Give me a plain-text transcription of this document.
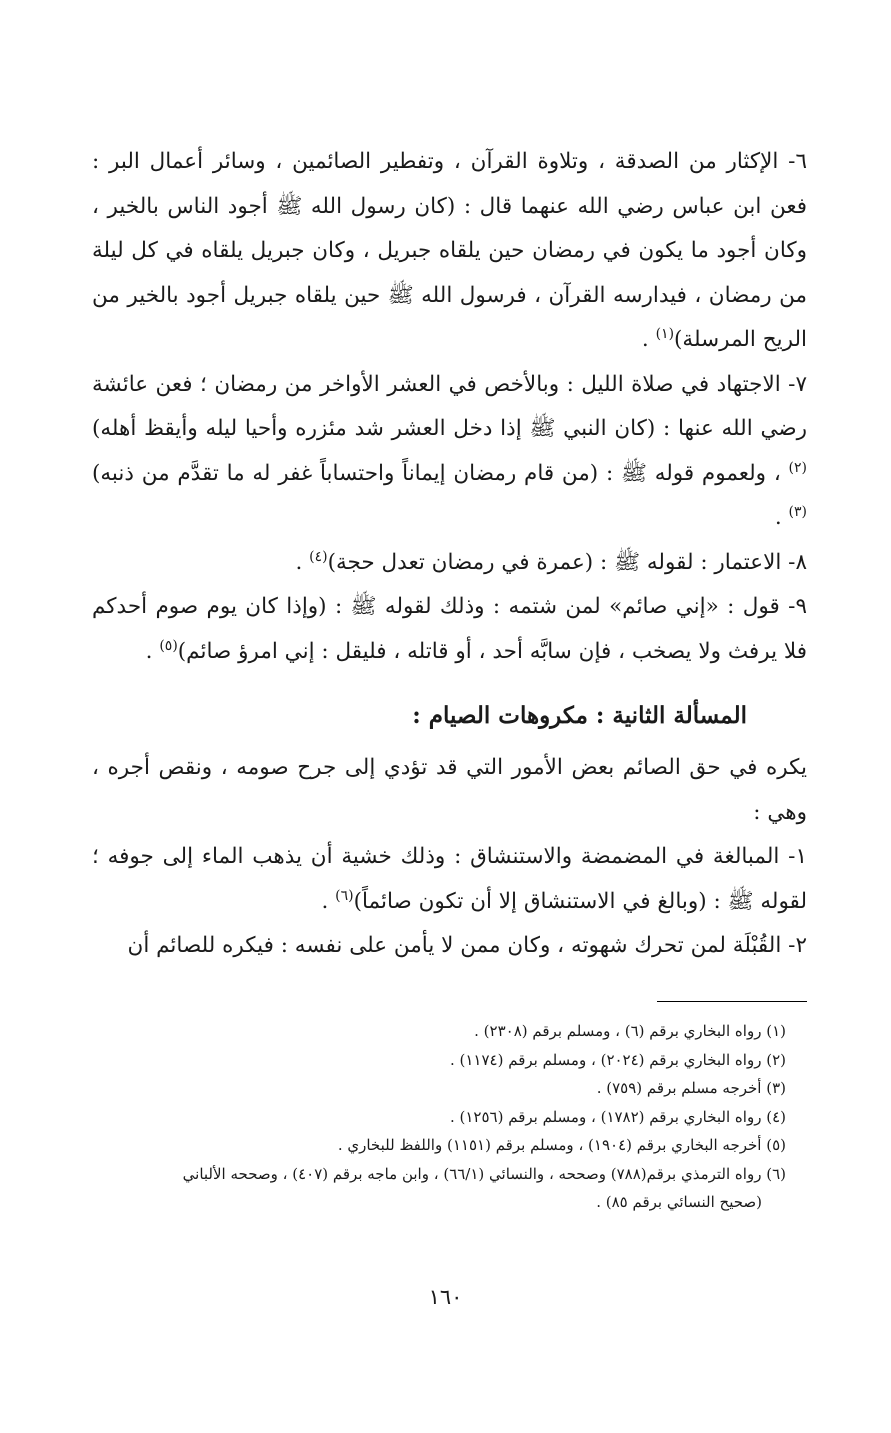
٦- الإكثار من الصدقة ، وتلاوة القرآن ، وتفطير الصائمين ، وسائر أعمال البر : فعن ابن عباس رضي الله عنهما قال : (كان رسول الله ﷺ أجود الناس بالخير ، وكان أجود ما يكون في رمضان حين يلقاه جبريل ، وكان جبريل يلقاه في كل ليلة من رمضان ، فيدارسه القرآن ، فرسول الله ﷺ حين يلقاه جبريل أجود بالخير من الريح المرسلة)$^{(١)}$ .

٧- الاجتهاد في صلاة الليل : وبالأخص في العشر الأواخر من رمضان ؛ فعن عائشة رضي الله عنها : (كان النبي ﷺ إذا دخل العشر شد مئزره وأحيا ليله وأيقظ أهله)$^{(٢)}$ ، ولعموم قوله ﷺ : (من قام رمضان إيماناً واحتساباً غفر له ما تقدَّم من ذنبه)$^{(٣)}$ .

٨- الاعتمار : لقوله ﷺ : (عمرة في رمضان تعدل حجة)$^{(٤)}$ .

٩- قول : «إني صائم» لمن شتمه : وذلك لقوله ﷺ : (وإذا كان يوم صوم أحدكم فلا يرفث ولا يصخب ، فإن سابَّه أحد ، أو قاتله ، فليقل : إني امرؤ صائم)$^{(٥)}$ .

المسألة الثانية : مكروهات الصيام :

يكره في حق الصائم بعض الأمور التي قد تؤدي إلى جرح صومه ، ونقص أجره ، وهي :

١- المبالغة في المضمضة والاستنشاق : وذلك خشية أن يذهب الماء إلى جوفه ؛ لقوله ﷺ : (وبالغ في الاستنشاق إلا أن تكون صائماً)$^{(٦)}$ .

٢- القُبْلَة لمن تحرك شهوته ، وكان ممن لا يأمن على نفسه : فيكره للصائم أن

(١) رواه البخاري برقم (٦) ، ومسلم برقم (٢٣٠٨) .

(٢) رواه البخاري برقم (٢٠٢٤) ، ومسلم برقم (١١٧٤) .

(٣) أخرجه مسلم برقم (٧٥٩) .

(٤) رواه البخاري برقم (١٧٨٢) ، ومسلم برقم (١٢٥٦) .

(٥) أخرجه البخاري برقم (١٩٠٤) ، ومسلم برقم (١١٥١) واللفظ للبخاري .

(٦) رواه الترمذي برقم(٧٨٨) وصححه ، والنسائي (٦٦/١) ، وابن ماجه برقم (٤٠٧) ، وصححه الألباني

(صحيح النسائي برقم ٨٥) .

١٦٠
